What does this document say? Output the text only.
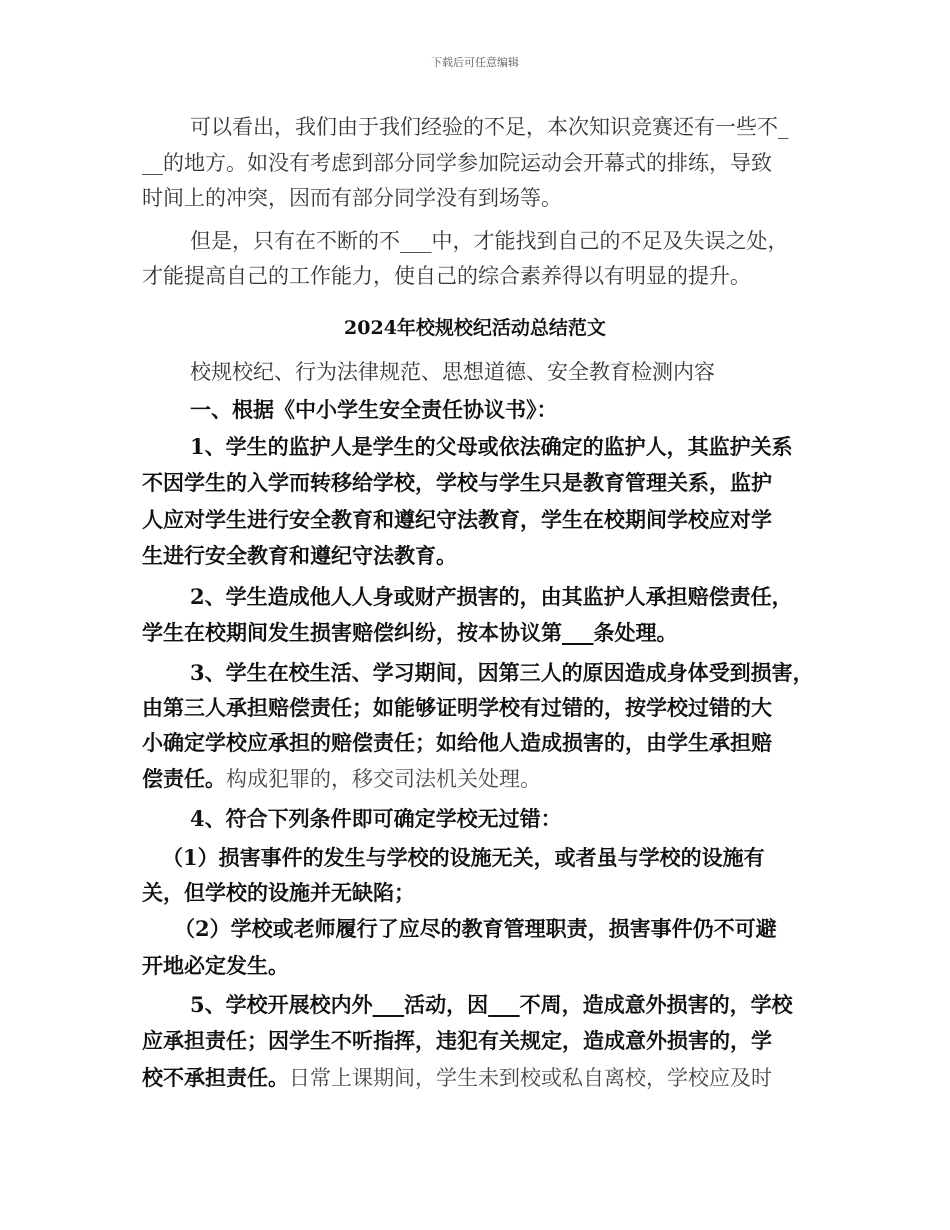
下载后可任意编辑
可以看出，我们由于我们经验的不足，本次知识竞赛还有一些不_
__的地方。如没有考虑到部分同学参加院运动会开幕式的排练，导致
时间上的冲突，因而有部分同学没有到场等。
但是，只有在不断的不___中，才能找到自己的不足及失误之处，
才能提高自己的工作能力，使自己的综合素养得以有明显的提升。
2024年校规校纪活动总结范文
校规校纪、行为法律规范、思想道德、安全教育检测内容
一、根据《中小学生安全责任协议书》：
1、学生的监护人是学生的父母或依法确定的监护人，其监护关系
不因学生的入学而转移给学校，学校与学生只是教育管理关系，监护
人应对学生进行安全教育和遵纪守法教育，学生在校期间学校应对学
生进行安全教育和遵纪守法教育。
2、学生造成他人人身或财产损害的，由其监护人承担赔偿责任，
学生在校期间发生损害赔偿纠纷，按本协议第___条处理。
3、学生在校生活、学习期间，因第三人的原因造成身体受到损害，
由第三人承担赔偿责任；如能够证明学校有过错的，按学校过错的大
小确定学校应承担的赔偿责任；如给他人造成损害的，由学生承担赔
偿责任。构成犯罪的，移交司法机关处理。
4、符合下列条件即可确定学校无过错：
（1）损害事件的发生与学校的设施无关，或者虽与学校的设施有
关，但学校的设施并无缺陷；
（2）学校或老师履行了应尽的教育管理职责，损害事件仍不可避
开地必定发生。
5、学校开展校内外___活动，因___不周，造成意外损害的，学校
应承担责任；因学生不听指挥，违犯有关规定，造成意外损害的，学
校不承担责任。日常上课期间，学生未到校或私自离校，学校应及时
